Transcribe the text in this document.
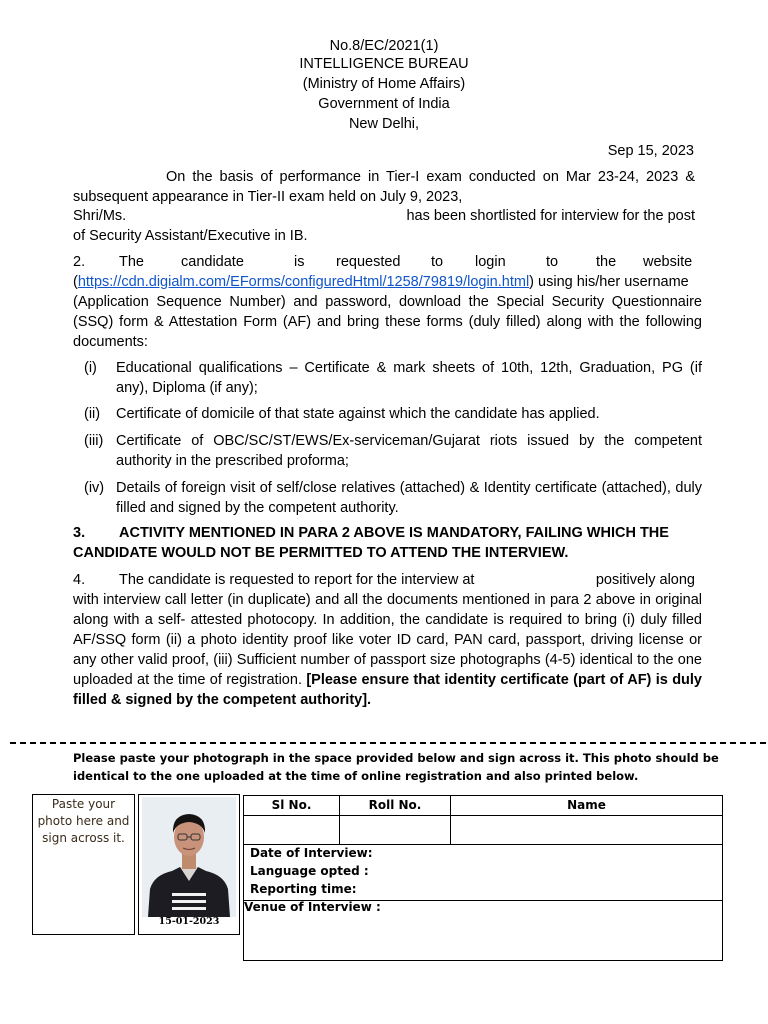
No.8/EC/2021(1)
INTELLIGENCE BUREAU
(Ministry of Home Affairs)
Government of India
New Delhi,
Sep 15, 2023
On the basis of performance in Tier-I exam conducted on Mar 23-24, 2023 &
subsequent appearance in Tier-II exam held on July 9, 2023,
Shri/Ms.	has been shortlisted for interview for the post
of Security Assistant/Executive in IB.
2. The	candidate	is requested to login	to	the website
(https://cdn.digialm.com/EForms/configuredHtml/1258/79819/login.html) using his/her username
(Application Sequence Number) and password, download the Special Security Questionnaire (SSQ) form & Attestation Form (AF) and bring these forms (duly filled) along with the following documents:
(i) Educational qualifications – Certificate & mark sheets of 10th, 12th, Graduation, PG (if any), Diploma (if any);
(ii) Certificate of domicile of that state against which the candidate has applied.
(iii) Certificate of OBC/SC/ST/EWS/Ex-serviceman/Gujarat riots issued by the competent authority in the prescribed proforma;
(iv) Details of foreign visit of self/close relatives (attached) & Identity certificate (attached), duly filled and signed by the competent authority.
3. ACTIVITY MENTIONED IN PARA 2 ABOVE IS MANDATORY, FAILING WHICH THE
CANDIDATE WOULD NOT BE PERMITTED TO ATTEND THE INTERVIEW.
4. The candidate is requested to report for the interview at	positively along
with interview call letter (in duplicate) and all the documents mentioned in para 2 above in original along with a self- attested photocopy. In addition, the candidate is required to bring (i) duly filled AF/SSQ form (ii) a photo identity proof like voter ID card, PAN card, passport, driving license or any other valid proof, (iii) Sufficient number of passport size photographs (4-5) identical to the one uploaded at the time of registration. [Please ensure that identity certificate (part of AF) is duly filled & signed by the competent authority].
Please paste your photograph in the space provided below and sign across it. This photo should be identical to the one uploaded at the time of online registration and also printed below.
Paste your photo here and sign across it.
15-01-2023
Sl No.	Roll No.	Name
Date of Interview:
Language opted :
Reporting time:
Venue of Interview :
